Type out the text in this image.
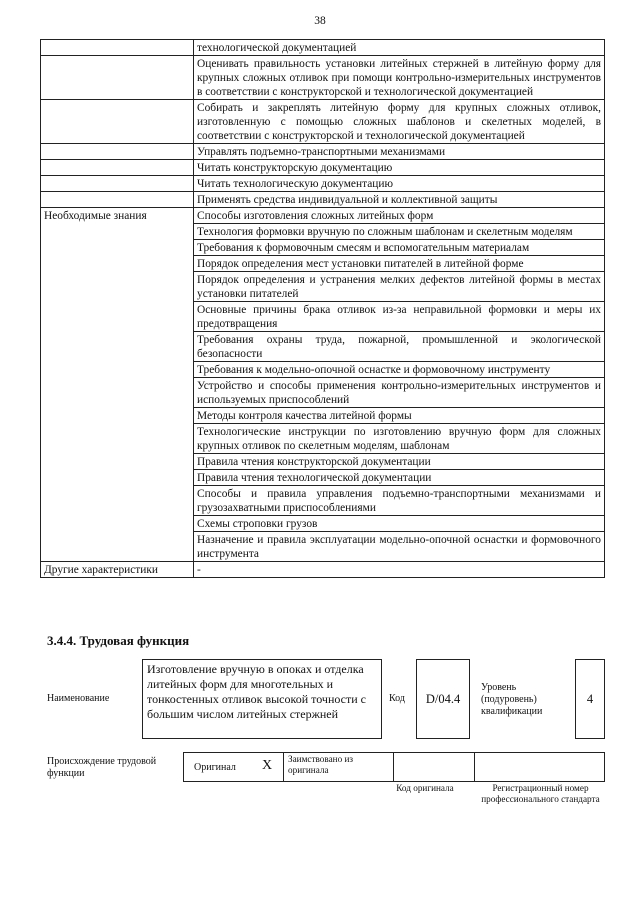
38
	технологической документацией
	Оценивать правильность установки литейных стержней в литейную форму для крупных сложных отливок при помощи контрольно-измерительных инструментов в соответствии с конструкторской и технологической документацией
	Собирать и закреплять литейную форму для крупных сложных отливок, изготовленную с помощью сложных шаблонов и скелетных моделей, в соответствии с конструкторской и технологической документацией
	Управлять подъемно-транспортными механизмами
	Читать конструкторскую документацию
	Читать технологическую документацию
	Применять средства индивидуальной и коллективной защиты
Необходимые знания	Способы изготовления сложных литейных форм
	Технология формовки вручную по сложным шаблонам и скелетным моделям
	Требования к формовочным смесям и вспомогательным материалам
	Порядок определения мест установки питателей в литейной форме
	Порядок определения и устранения мелких дефектов литейной формы в местах установки питателей
	Основные причины брака отливок из-за неправильной формовки и меры их предотвращения
	Требования охраны труда, пожарной, промышленной и экологической безопасности
	Требования к модельно-опочной оснастке и формовочному инструменту
	Устройство и способы применения контрольно-измерительных инструментов и используемых приспособлений
	Методы контроля качества литейной формы
	Технологические инструкции по изготовлению вручную форм для сложных крупных отливок по скелетным моделям, шаблонам
	Правила чтения конструкторской документации
	Правила чтения технологической документации
	Способы и правила управления подъемно-транспортными механизмами и грузозахватными приспособлениями
	Схемы строповки грузов
	Назначение и правила эксплуатации модельно-опочной оснастки и формовочного инструмента
Другие характеристики	-
3.4.4. Трудовая функция
Наименование
Изготовление вручную в опоках и отделка литейных форм для многотельных и тонкостенных отливок высокой точности с большим числом литейных стержней
Код	D/04.4
Уровень (подуровень) квалификации
4
Происхождение трудовой функции
Оригинал X Заимствовано из оригинала
Код оригинала	Регистрационный номер профессионального стандарта
